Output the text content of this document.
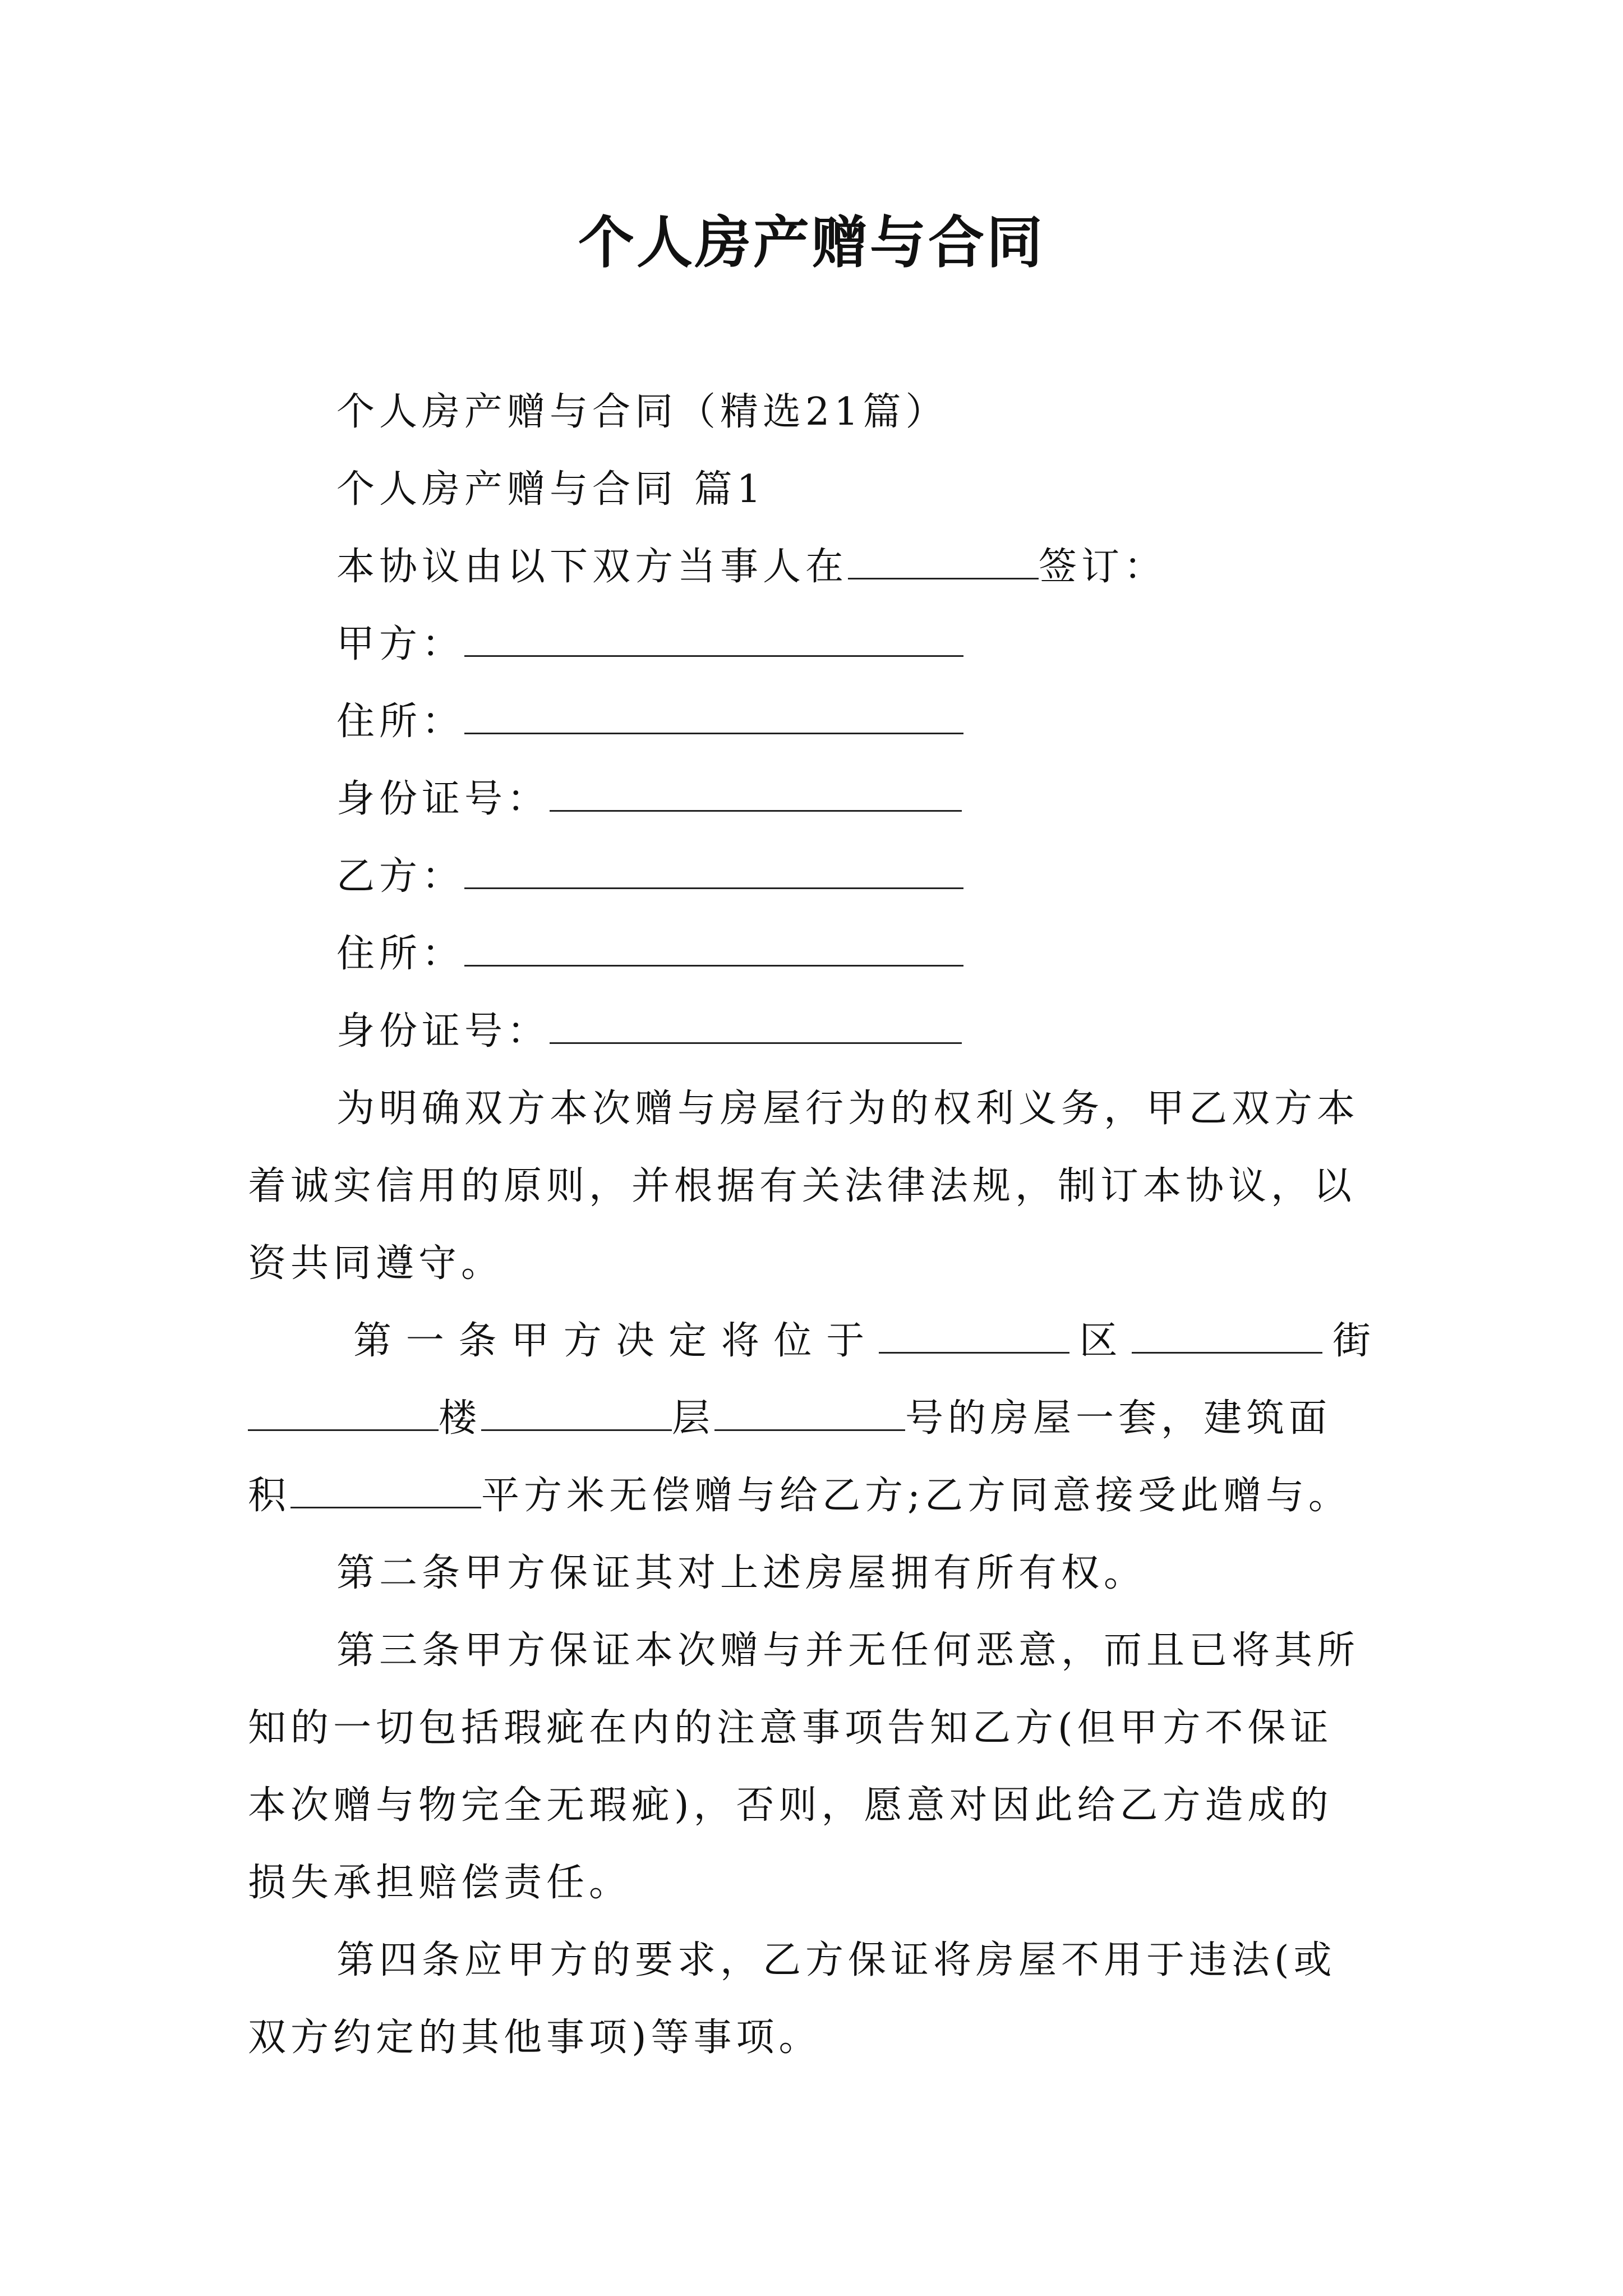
个人房产赠与合同
个人房产赠与合同（精选21篇）
个人房产赠与合同 篇1
本协议由以下双方当事人在	签订：
甲方：
住所：
身份证号：
乙方：
住所：
身份证号：
为明确双方本次赠与房屋行为的权利义务，甲乙双方本
着诚实信用的原则，并根据有关法律法规，制订本协议，以
资共同遵守。
第一条甲方决定将位于	区	街
楼	层	号的房屋一套，建筑面
积	平方米无偿赠与给乙方;乙方同意接受此赠与。
第二条甲方保证其对上述房屋拥有所有权。
第三条甲方保证本次赠与并无任何恶意，而且已将其所
知的一切包括瑕疵在内的注意事项告知乙方(但甲方不保证
本次赠与物完全无瑕疵)，否则，愿意对因此给乙方造成的
损失承担赔偿责任。
第四条应甲方的要求，乙方保证将房屋不用于违法(或
双方约定的其他事项)等事项。
